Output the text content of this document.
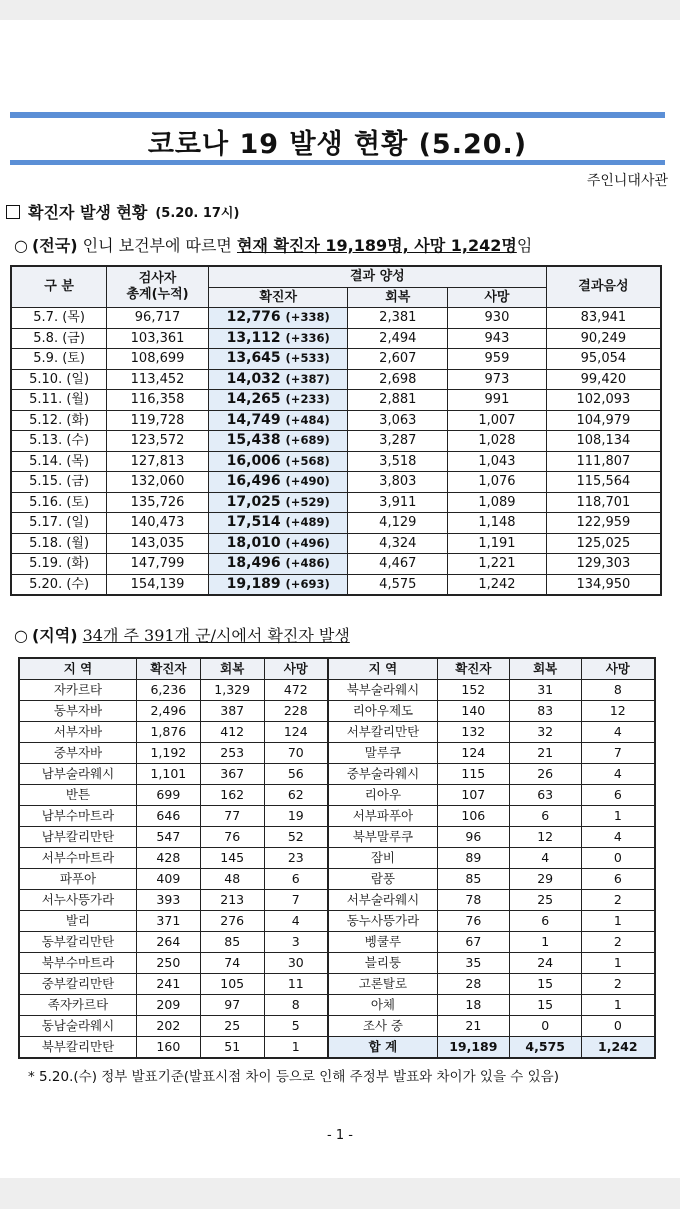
코로나 19 발생 현황 (5.20.)
주인니대사관
확진자 발생 현황 (5.20. 17시)
○ (전국) 인니 보건부에 따르면 현재 확진자 19,189명, 사망 1,242명임
구 분	검사자
총계(누적)	결과 양성			결과음성
		확진자	회복	사망	
5.7. (목)	96,717	12,776 (+338)	2,381	930	83,941
5.8. (금)	103,361	13,112 (+336)	2,494	943	90,249
5.9. (토)	108,699	13,645 (+533)	2,607	959	95,054
5.10. (일)	113,452	14,032 (+387)	2,698	973	99,420
5.11. (월)	116,358	14,265 (+233)	2,881	991	102,093
5.12. (화)	119,728	14,749 (+484)	3,063	1,007	104,979
5.13. (수)	123,572	15,438 (+689)	3,287	1,028	108,134
5.14. (목)	127,813	16,006 (+568)	3,518	1,043	111,807
5.15. (금)	132,060	16,496 (+490)	3,803	1,076	115,564
5.16. (토)	135,726	17,025 (+529)	3,911	1,089	118,701
5.17. (일)	140,473	17,514 (+489)	4,129	1,148	122,959
5.18. (월)	143,035	18,010 (+496)	4,324	1,191	125,025
5.19. (화)	147,799	18,496 (+486)	4,467	1,221	129,303
5.20. (수)	154,139	19,189 (+693)	4,575	1,242	134,950
○ (지역) 34개 주 391개 군/시에서 확진자 발생
지 역	확진자	회복	사망	지 역	확진자	회복	사망
자카르타	6,236	1,329	472	북부술라웨시	152	31	8
동부자바	2,496	387	228	리아우제도	140	83	12
서부자바	1,876	412	124	서부칼리만탄	132	32	4
중부자바	1,192	253	70	말루쿠	124	21	7
남부술라웨시	1,101	367	56	중부술라웨시	115	26	4
반튼	699	162	62	리아우	107	63	6
남부수마트라	646	77	19	서부파푸아	106	6	1
남부칼리만탄	547	76	52	북부말루쿠	96	12	4
서부수마트라	428	145	23	잠비	89	4	0
파푸아	409	48	6	람풍	85	29	6
서누사뜽가라	393	213	7	서부술라웨시	78	25	2
발리	371	276	4	동누사뜽가라	76	6	1
동부칼리만탄	264	85	3	벵쿨루	67	1	2
북부수마트라	250	74	30	블리퉁	35	24	1
중부칼리만탄	241	105	11	고론탈로	28	15	2
족자카르타	209	97	8	아체	18	15	1
동남술라웨시	202	25	5	조사 중	21	0	0
북부칼리만탄	160	51	1	합 계	19,189	4,575	1,242
* 5.20.(수) 정부 발표기준(발표시점 차이 등으로 인해 주정부 발표와 차이가 있을 수 있음)
- 1 -
